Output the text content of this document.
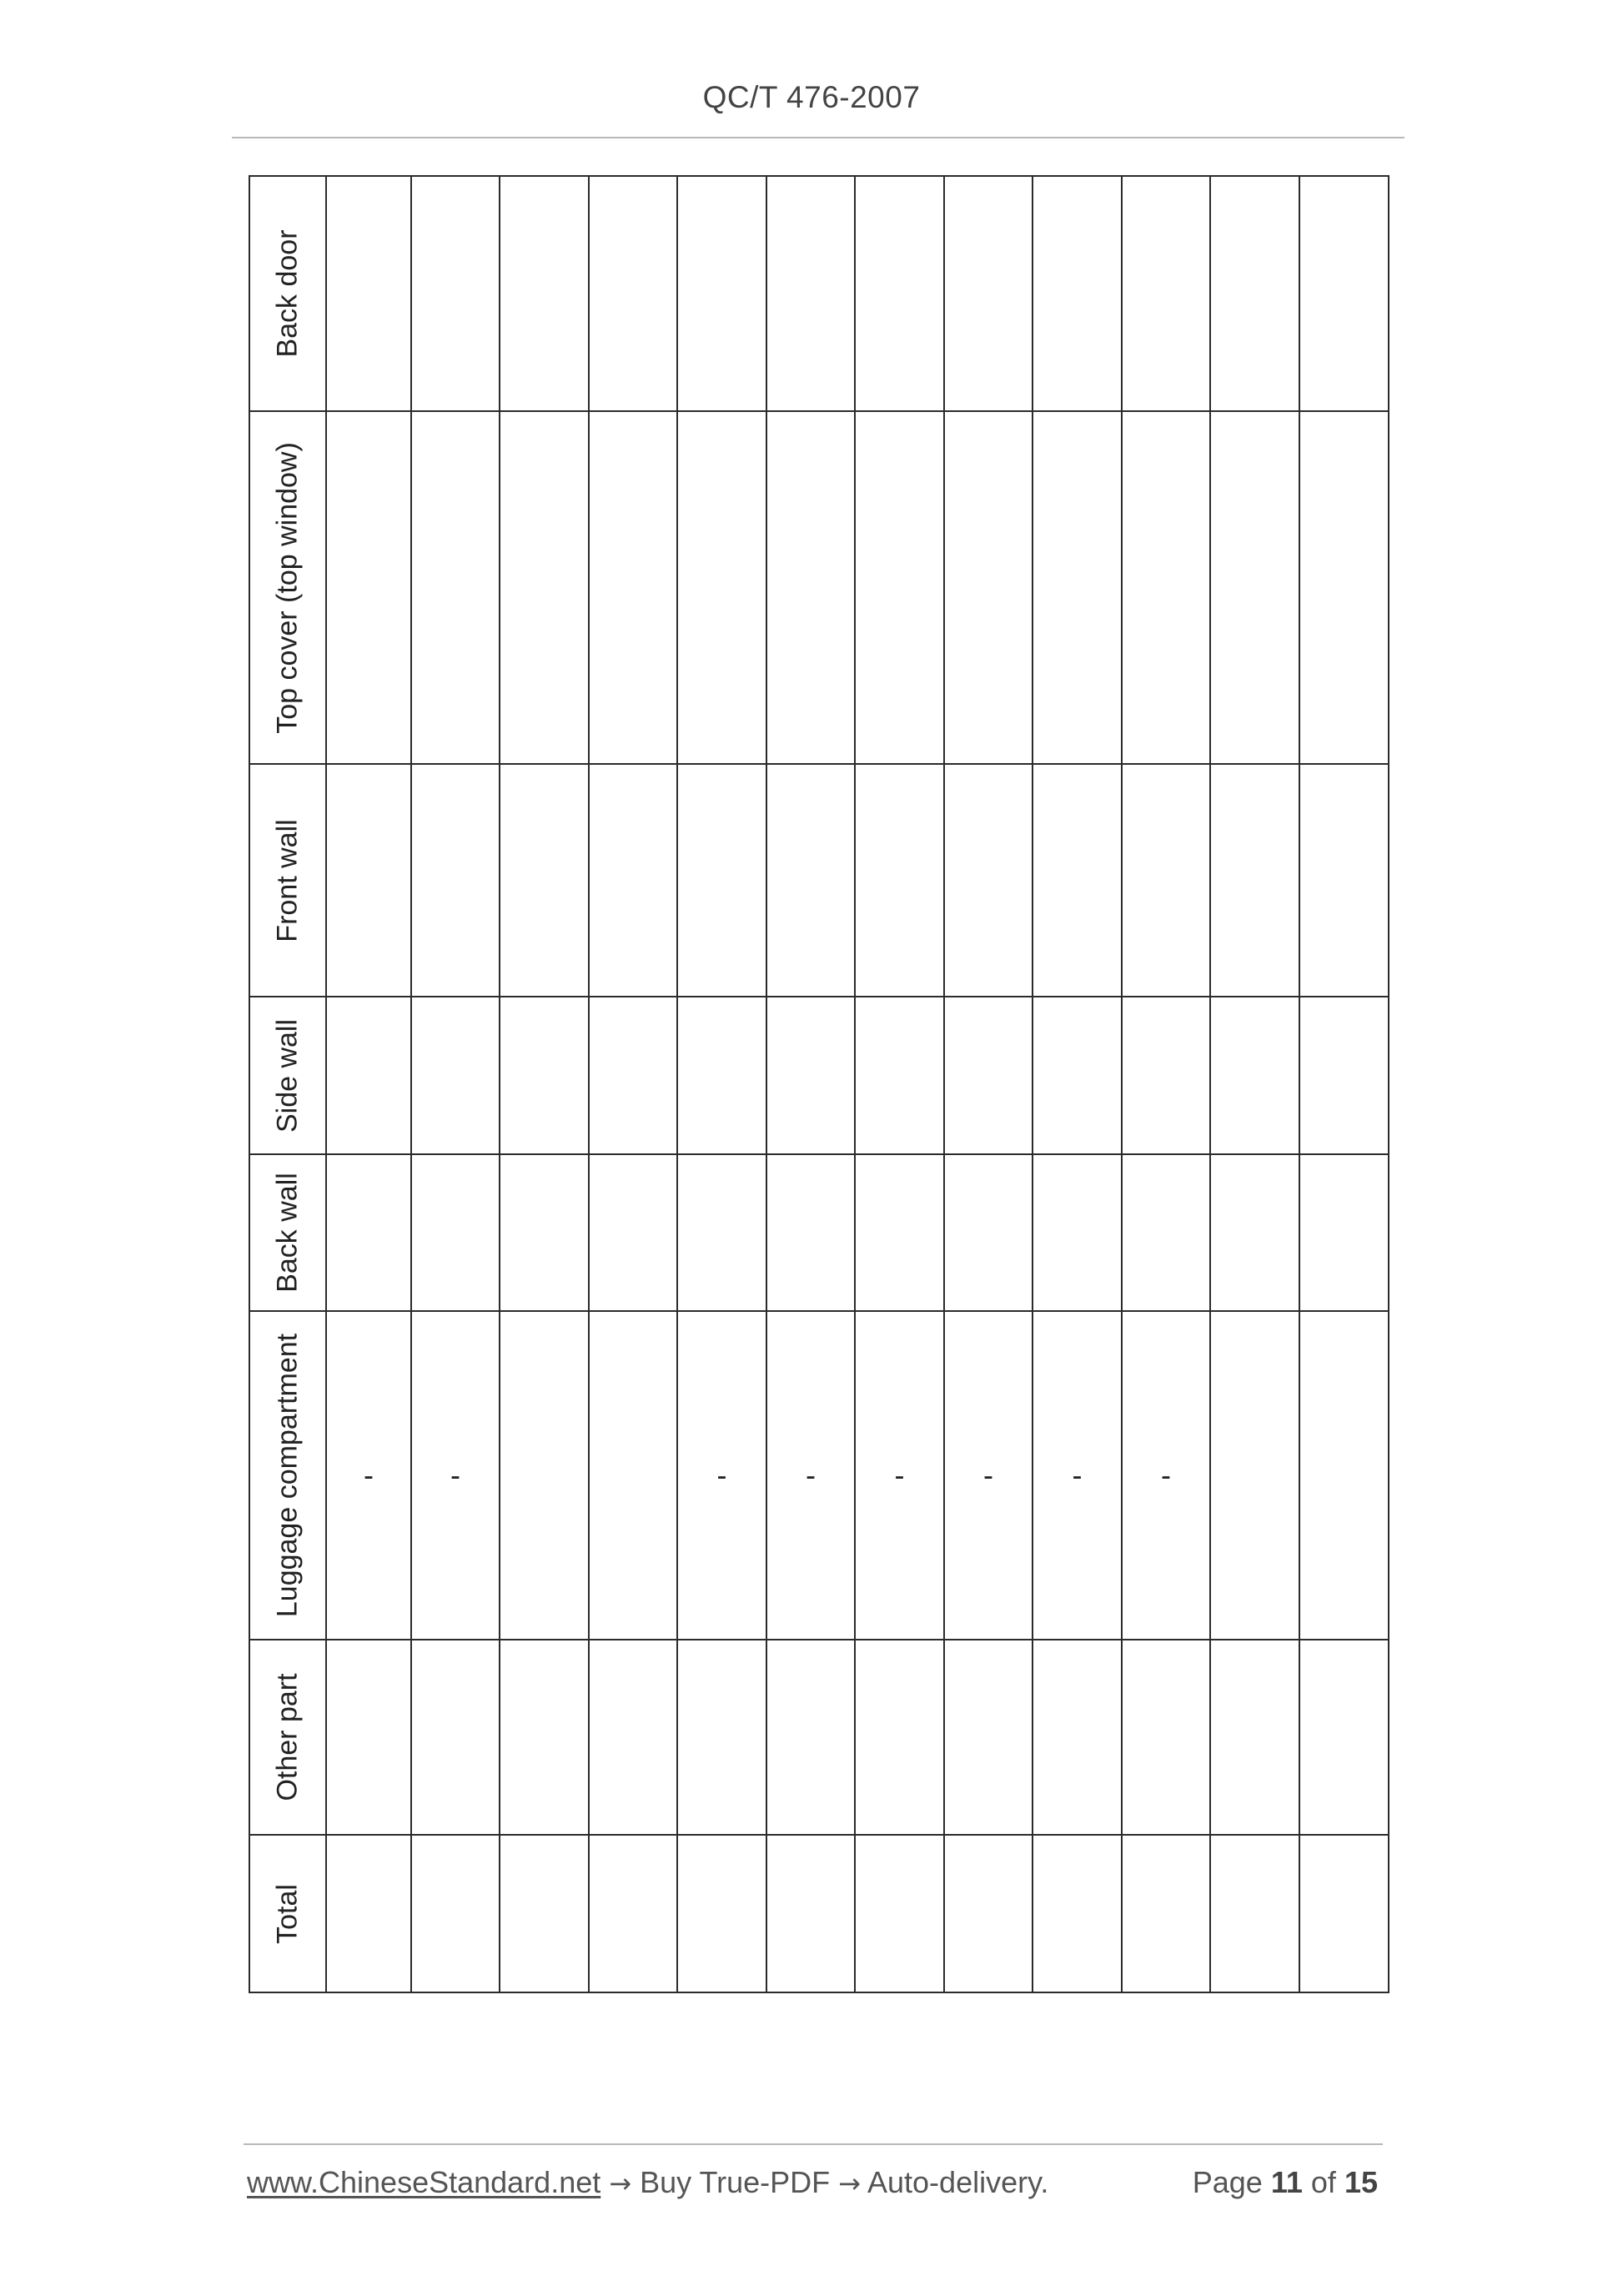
QC/T 476-2007
Back door												

Top cover (top window)												

Front wall												

Side wall												

Back wall												

Luggage compartment	-	-			-	-	-	-	-	-		

Other part												

Total												

www.ChineseStandard.net → Buy True-PDF → Auto-delivery.	Page 11 of 15
